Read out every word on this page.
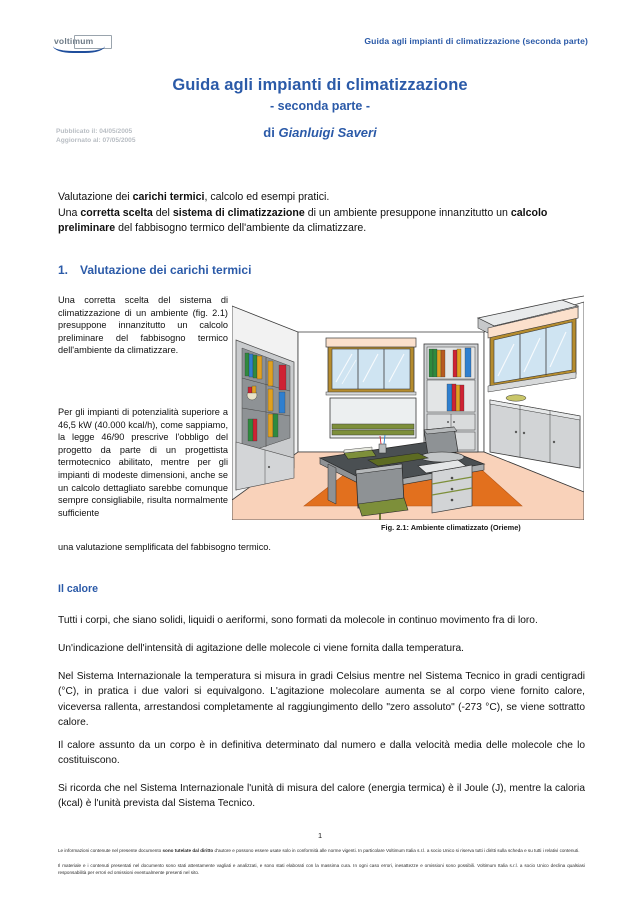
voltimum	Guida agli impianti di climatizzazione (seconda parte)
Guida agli impianti di climatizzazione
- seconda parte -
di Gianluigi Saveri
Pubblicato il: 04/05/2005
Aggiornato al: 07/05/2005
Valutazione dei carichi termici, calcolo ed esempi pratici.
Una corretta scelta del sistema di climatizzazione di un ambiente presuppone innanzitutto un calcolo preliminare del fabbisogno termico dell'ambiente da climatizzare.
1. Valutazione dei carichi termici
Una corretta scelta del sistema di climatizzazione di un ambiente (fig. 2.1) presuppone innanzitutto un calcolo preliminare del fabbisogno termico dell'ambiente da climatizzare.
Per gli impianti di potenzialità superiore a 46,5 kW (40.000 kcal/h), come sappiamo, la legge 46/90 prescrive l'obbligo del progetto da parte di un progettista termotecnico abilitato, mentre per gli impianti di modeste dimensioni, anche se un calcolo dettagliato sarebbe comunque sempre consigliabile, risulta normalmente sufficiente
una valutazione semplificata del fabbisogno termico.
Fig. 2.1: Ambiente climatizzato (Orieme)
Il calore
Tutti i corpi, che siano solidi, liquidi o aeriformi, sono formati da molecole in continuo movimento fra di loro.
Un'indicazione dell'intensità di agitazione delle molecole ci viene fornita dalla temperatura.
Nel Sistema Internazionale la temperatura si misura in gradi Celsius mentre nel Sistema Tecnico in gradi centigradi (°C), in pratica i due valori si equivalgono. L'agitazione molecolare aumenta se al corpo viene fornito calore, viceversa rallenta, arrestandosi completamente al raggiungimento dello "zero assoluto" (-273 °C), se viene sottratto calore.
Il calore assunto da un corpo è in definitiva determinato dal numero e dalla velocità media delle molecole che lo costituiscono.
Si ricorda che nel Sistema Internazionale l'unità di misura del calore (energia termica) è il Joule (J), mentre la caloria (kcal) è l'unità prevista dal Sistema Tecnico.
1
Le informazioni contenute nel presente documento sono tutelate dal diritto d'autore e possono essere usate solo in conformità alle norme vigenti. In particolare Voltimum Italia s.r.l. a socio Unico si riserva tutti i diritti sulla scheda e su tutti i relativi contenuti.
Il materiale e i contenuti presentati nel documento sono stati attentamente vagliati e analizzati, e sono stati elaborati con la massima cura. In ogni caso errori, inesattezze e omissioni sono possibili. Voltimum Italia s.r.l. a socio Unico declina qualsiasi responsabilità per errori ed omissioni eventualmente presenti nel sito.
